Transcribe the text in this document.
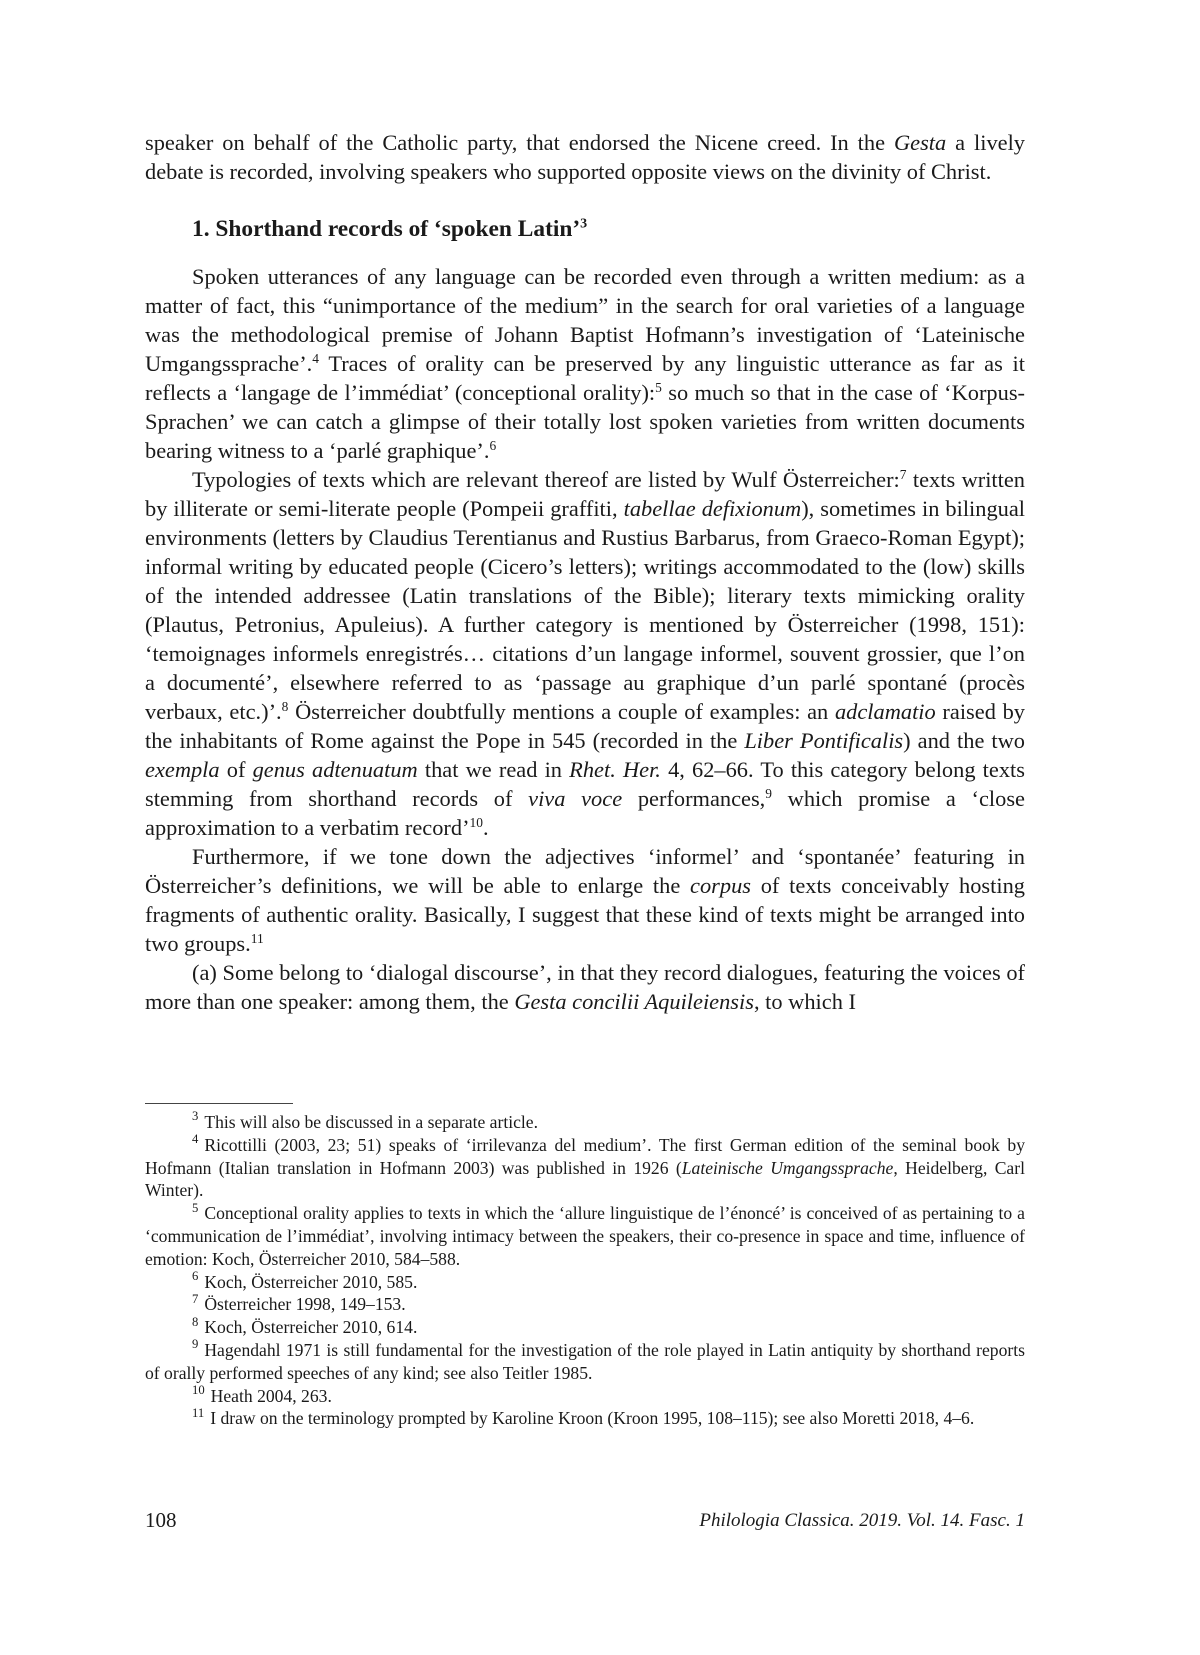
speaker on behalf of the Catholic party, that endorsed the Nicene creed. In the Gesta a lively debate is recorded, involving speakers who supported opposite views on the divinity of Christ.

1. Shorthand records of ‘spoken Latin’$^3$

Spoken utterances of any language can be recorded even through a written medium: as a matter of fact, this “unimportance of the medium” in the search for oral varieties of a language was the methodological premise of Johann Baptist Hofmann’s investigation of ‘Lateinische Umgangssprache’.$^4$ Traces of orality can be preserved by any linguistic utterance as far as it reflects a ‘langage de l’immédiat’ (conceptional orality):$^5$ so much so that in the case of ‘Korpus-Sprachen’ we can catch a glimpse of their totally lost spoken varieties from written documents bearing witness to a ‘parlé graphique’.$^6$

Typologies of texts which are relevant thereof are listed by Wulf Österreicher:$^7$ texts written by illiterate or semi-literate people (Pompeii graffiti, tabellae defixionum), sometimes in bilingual environments (letters by Claudius Terentianus and Rustius Barbarus, from Graeco-Roman Egypt); informal writing by educated people (Cicero’s letters); writings accommodated to the (low) skills of the intended addressee (Latin translations of the Bible); literary texts mimicking orality (Plautus, Petronius, Apuleius). A further category is mentioned by Österreicher (1998, 151): ‘temoignages informels enregistrés… citations d’un langage informel, souvent grossier, que l’on a documenté’, elsewhere referred to as ‘passage au graphique d’un parlé spontané (procès verbaux, etc.)’.$^8$ Österreicher doubtfully mentions a couple of examples: an adclamatio raised by the inhabitants of Rome against the Pope in 545 (recorded in the Liber Pontificalis) and the two exempla of genus adtenuatum that we read in Rhet. Her. 4, 62–66. To this category belong texts stemming from shorthand records of viva voce performances,$^9$ which promise a ‘close approximation to a verbatim record’$^{10}$.

Furthermore, if we tone down the adjectives ‘informel’ and ‘spontanée’ featuring in Österreicher’s definitions, we will be able to enlarge the corpus of texts conceivably hosting fragments of authentic orality. Basically, I suggest that these kind of texts might be arranged into two groups.$^{11}$

(a) Some belong to ‘dialogal discourse’, in that they record dialogues, featuring the voices of more than one speaker: among them, the Gesta concilii Aquileiensis, to which I

$^3$ This will also be discussed in a separate article.

$^4$ Ricottilli (2003, 23; 51) speaks of ‘irrilevanza del medium’. The first German edition of the seminal book by Hofmann (Italian translation in Hofmann 2003) was published in 1926 (Lateinische Umgangssprache, Heidelberg, Carl Winter).

$^5$ Conceptional orality applies to texts in which the ‘allure linguistique de l’énoncé’ is conceived of as pertaining to a ‘communication de l’immédiat’, involving intimacy between the speakers, their co-presence in space and time, influence of emotion: Koch, Österreicher 2010, 584–588.

$^6$ Koch, Österreicher 2010, 585.

$^7$ Österreicher 1998, 149–153.

$^8$ Koch, Österreicher 2010, 614.

$^9$ Hagendahl 1971 is still fundamental for the investigation of the role played in Latin antiquity by shorthand reports of orally performed speeches of any kind; see also Teitler 1985.

$^{10}$ Heath 2004, 263.

$^{11}$ I draw on the terminology prompted by Karoline Kroon (Kroon 1995, 108–115); see also Moretti 2018, 4–6.

108	Philologia Classica. 2019. Vol. 14. Fasc. 1
